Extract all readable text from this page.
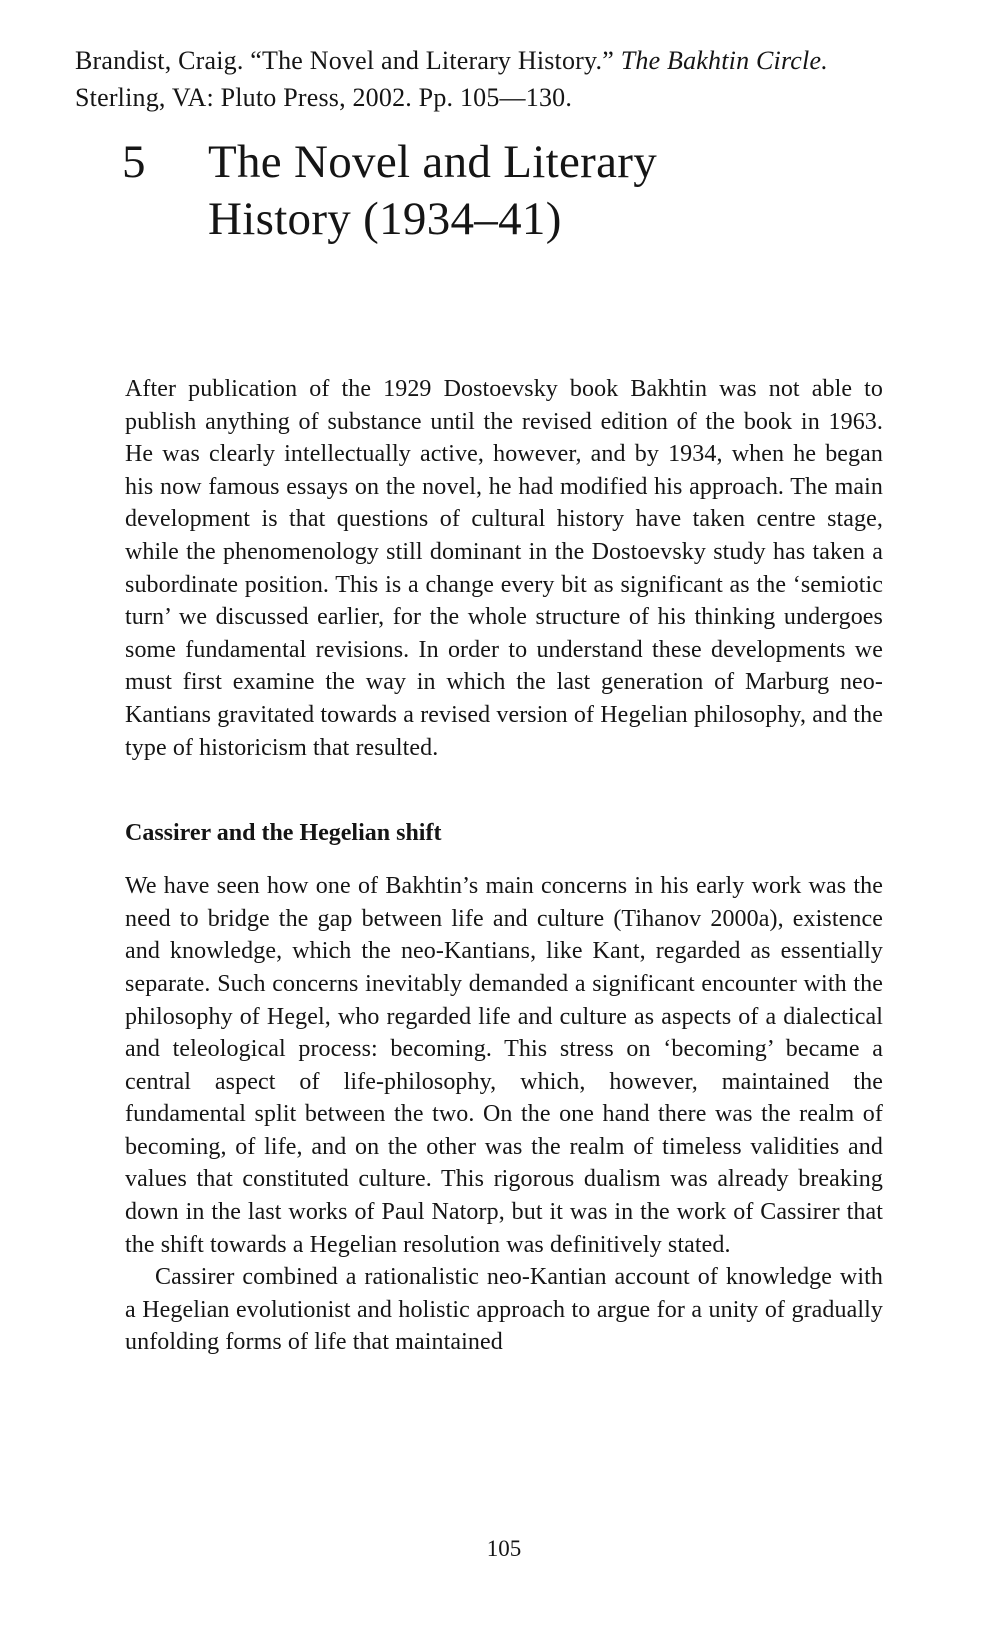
Brandist, Craig. “The Novel and Literary History.” The Bakhtin Circle.
Sterling, VA: Pluto Press, 2002. Pp. 105—130.
5	The Novel and Literary
History (1934–41)

After publication of the 1929 Dostoevsky book Bakhtin was not able to publish anything of substance until the revised edition of the book in 1963. He was clearly intellectually active, however, and by 1934, when he began his now famous essays on the novel, he had modified his approach. The main development is that questions of cultural history have taken centre stage, while the phenomenology still dominant in the Dostoevsky study has taken a subordinate position. This is a change every bit as significant as the ‘semiotic turn’ we discussed earlier, for the whole structure of his thinking undergoes some fundamental revisions. In order to understand these developments we must first examine the way in which the last generation of Marburg neo-Kantians gravitated towards a revised version of Hegelian philosophy, and the type of historicism that resulted.

Cassirer and the Hegelian shift

We have seen how one of Bakhtin’s main concerns in his early work was the need to bridge the gap between life and culture (Tihanov 2000a), existence and knowledge, which the neo-Kantians, like Kant, regarded as essentially separate. Such concerns inevitably demanded a significant encounter with the philosophy of Hegel, who regarded life and culture as aspects of a dialectical and teleological process: becoming. This stress on ‘becoming’ became a central aspect of life-philosophy, which, however, maintained the fundamental split between the two. On the one hand there was the realm of becoming, of life, and on the other was the realm of timeless validities and values that constituted culture. This rigorous dualism was already breaking down in the last works of Paul Natorp, but it was in the work of Cassirer that the shift towards a Hegelian resolution was definitively stated.

Cassirer combined a rationalistic neo-Kantian account of knowledge with a Hegelian evolutionist and holistic approach to argue for a unity of gradually unfolding forms of life that maintained

105
